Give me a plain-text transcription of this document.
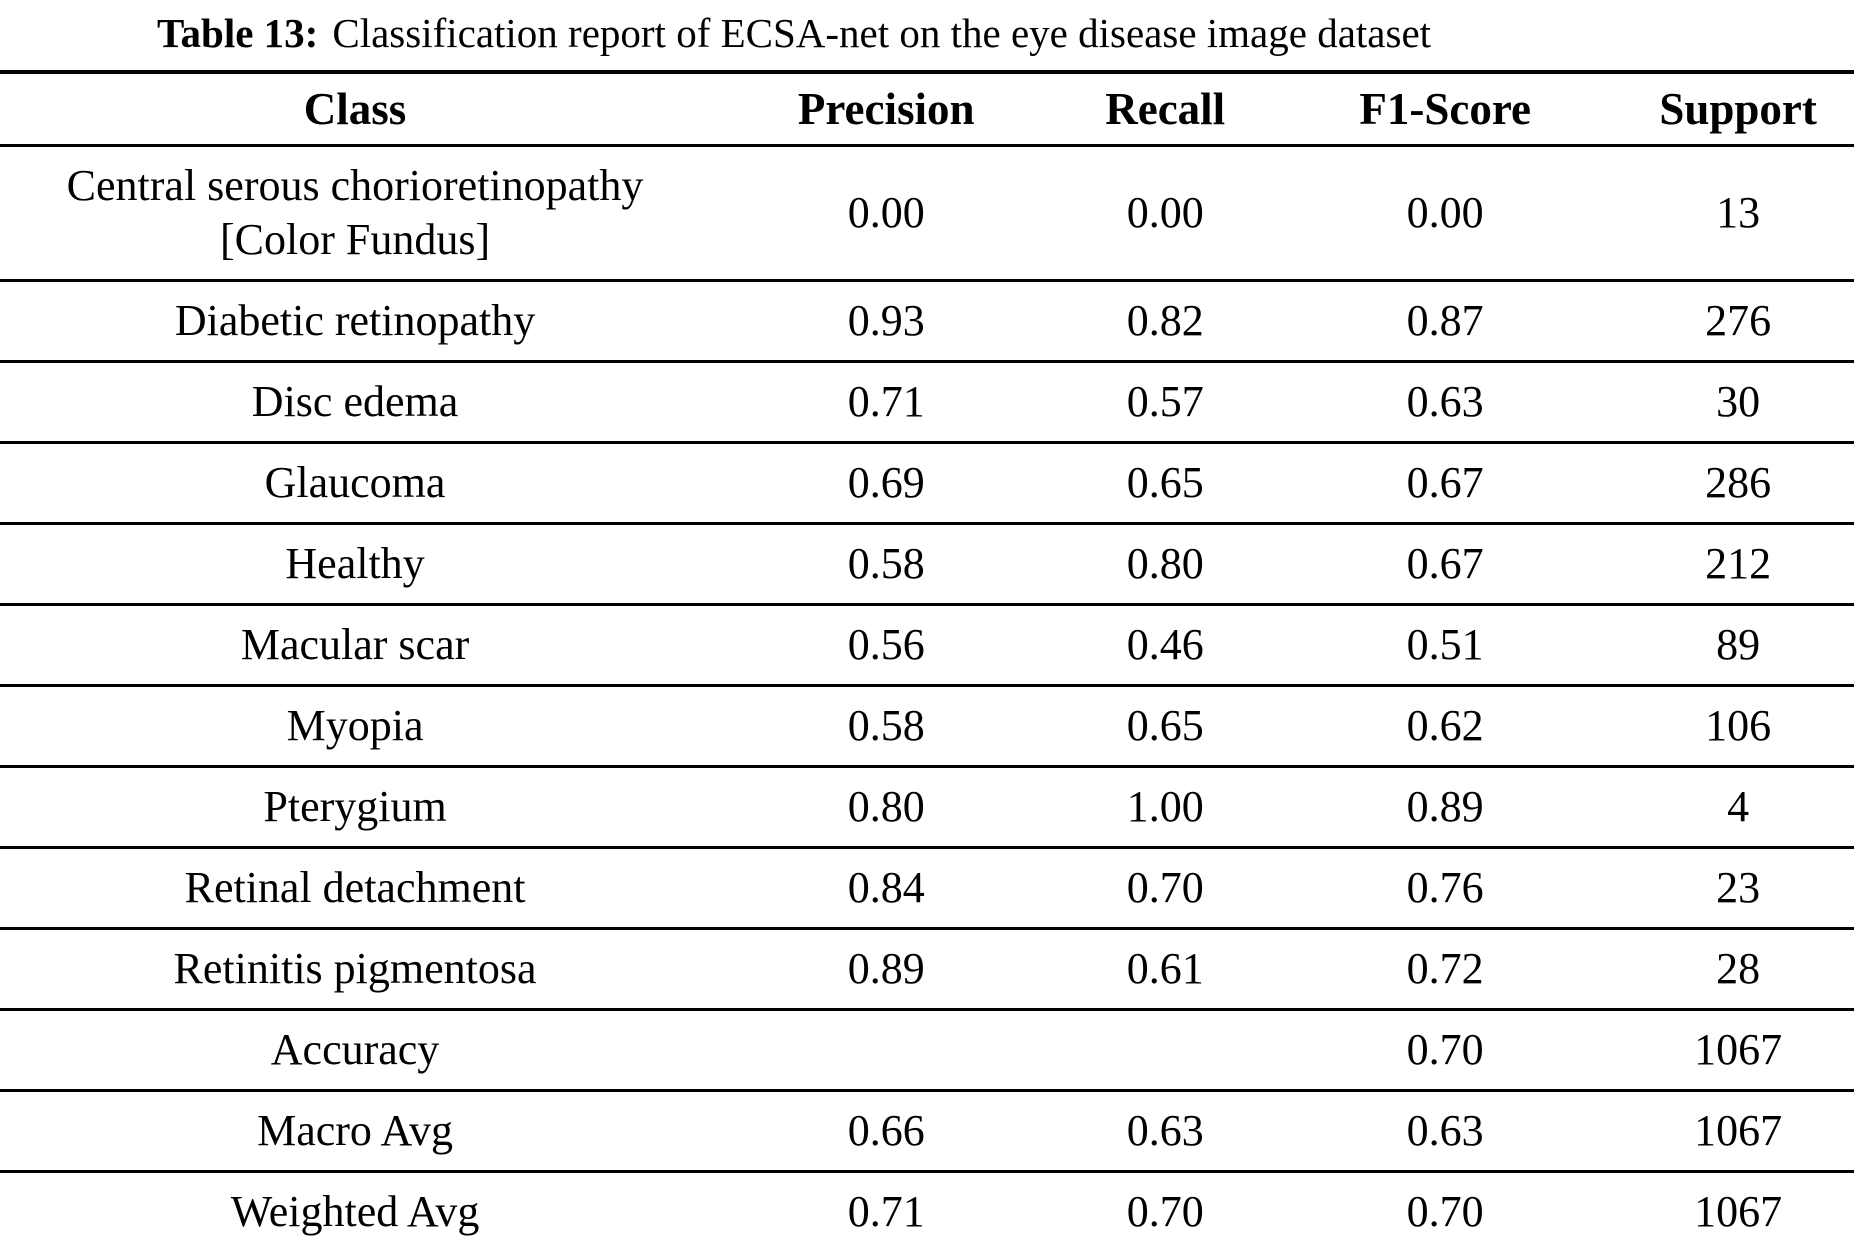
Table 13: Classification report of ECSA-net on the eye disease image dataset
Class	Precision	Recall	F1-Score	Support
Central serous chorioretinopathy [Color Fundus]	0.00	0.00	0.00	13
Diabetic retinopathy	0.93	0.82	0.87	276
Disc edema	0.71	0.57	0.63	30
Glaucoma	0.69	0.65	0.67	286
Healthy	0.58	0.80	0.67	212
Macular scar	0.56	0.46	0.51	89
Myopia	0.58	0.65	0.62	106
Pterygium	0.80	1.00	0.89	4
Retinal detachment	0.84	0.70	0.76	23
Retinitis pigmentosa	0.89	0.61	0.72	28
Accuracy			0.70	1067
Macro Avg	0.66	0.63	0.63	1067
Weighted Avg	0.71	0.70	0.70	1067
